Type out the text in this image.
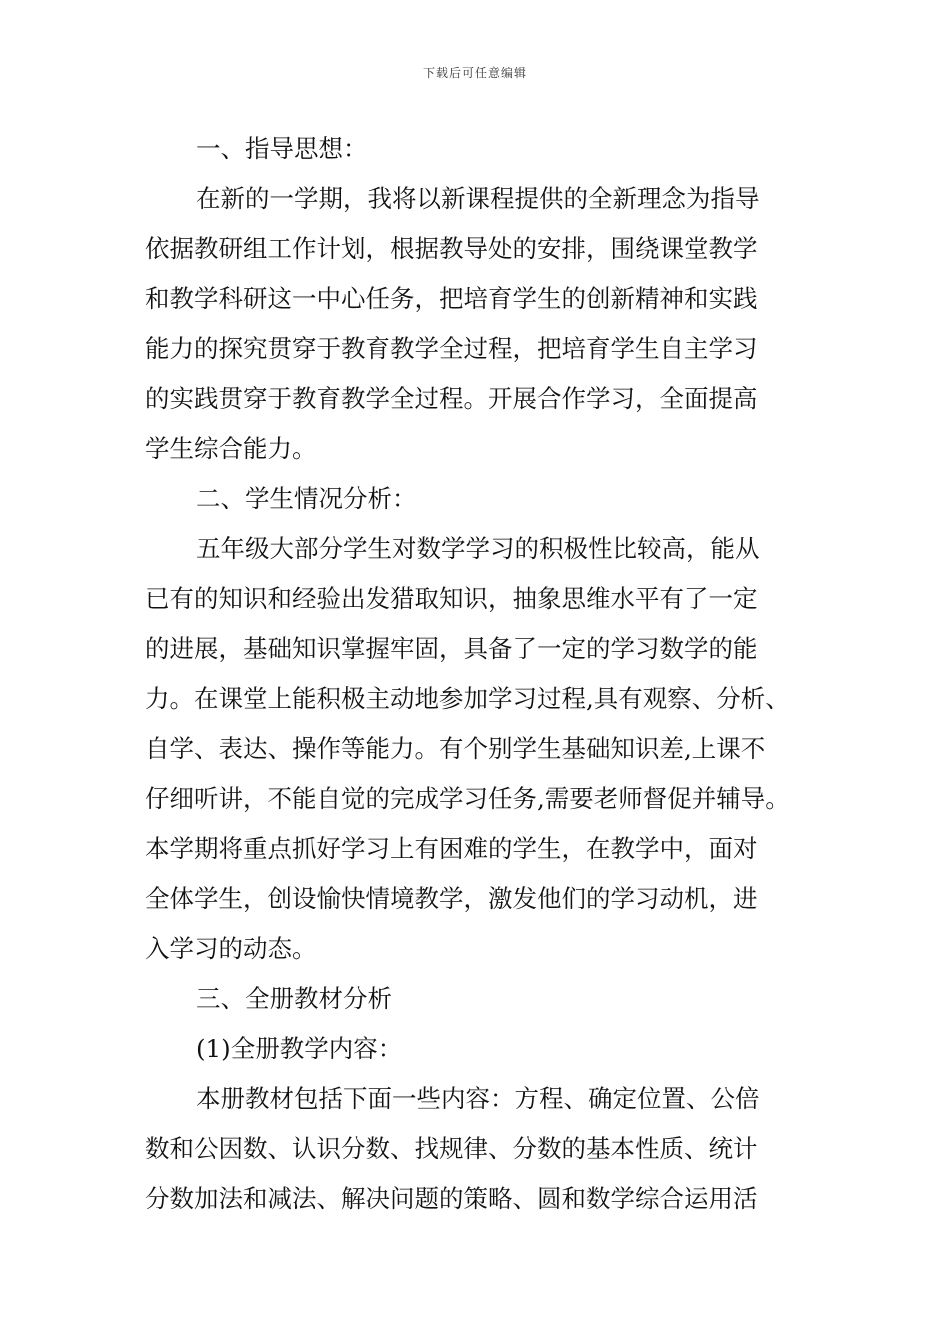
下载后可任意编辑
一、指导思想：
在新的一学期，我将以新课程提供的全新理念为指导
依据教研组工作计划，根据教导处的安排，围绕课堂教学
和教学科研这一中心任务，把培育学生的创新精神和实践
能力的探究贯穿于教育教学全过程，把培育学生自主学习
的实践贯穿于教育教学全过程。开展合作学习，全面提高
学生综合能力。
二、学生情况分析：
五年级大部分学生对数学学习的积极性比较高，能从
已有的知识和经验出发猎取知识，抽象思维水平有了一定
的进展，基础知识掌握牢固，具备了一定的学习数学的能
力。在课堂上能积极主动地参加学习过程,具有观察、分析、
自学、表达、操作等能力。有个别学生基础知识差,上课不
仔细听讲，不能自觉的完成学习任务,需要老师督促并辅导。
本学期将重点抓好学习上有困难的学生，在教学中，面对
全体学生，创设愉快情境教学，激发他们的学习动机，进
入学习的动态。
三、全册教材分析
(1)全册教学内容：
本册教材包括下面一些内容：方程、确定位置、公倍
数和公因数、认识分数、找规律、分数的基本性质、统计
分数加法和减法、解决问题的策略、圆和数学综合运用活
